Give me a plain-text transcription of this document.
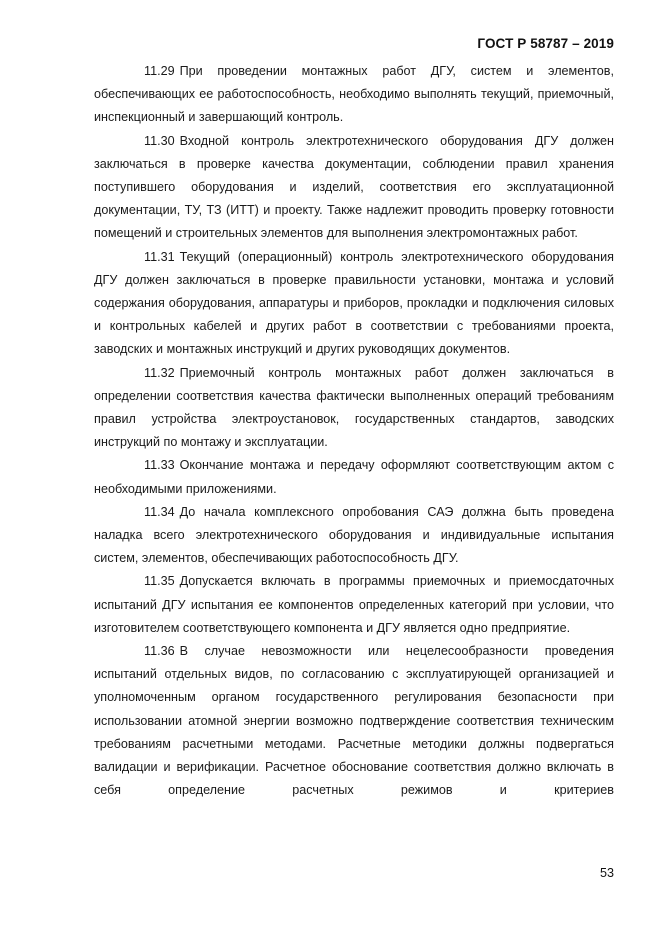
ГОСТ Р 58787 – 2019

11.29 При проведении монтажных работ ДГУ, систем и элементов, обеспечивающих ее работоспособность, необходимо выполнять текущий, приемочный, инспекционный и завершающий контроль.

11.30 Входной контроль электротехнического оборудования ДГУ должен заключаться в проверке качества документации, соблюдении правил хранения поступившего оборудования и изделий, соответствия его эксплуатационной документации, ТУ, ТЗ (ИТТ) и проекту. Также надлежит проводить проверку готовности помещений и строительных элементов для выполнения электромонтажных работ.

11.31 Текущий (операционный) контроль электротехнического оборудования ДГУ должен заключаться в проверке правильности установки, монтажа и условий содержания оборудования, аппаратуры и приборов, прокладки и подключения силовых и контрольных кабелей и других работ в соответствии с требованиями проекта, заводских и монтажных инструкций и других руководящих документов.

11.32 Приемочный контроль монтажных работ должен заключаться в определении соответствия качества фактически выполненных операций требованиям правил устройства электроустановок, государственных стандартов, заводских инструкций по монтажу и эксплуатации.

11.33 Окончание монтажа и передачу оформляют соответствующим актом с необходимыми приложениями.

11.34 До начала комплексного опробования САЭ должна быть проведена наладка всего электротехнического оборудования и индивидуальные испытания систем, элементов, обеспечивающих работоспособность ДГУ.

11.35 Допускается включать в программы приемочных и приемосдаточных испытаний ДГУ испытания ее компонентов определенных категорий при условии, что изготовителем соответствующего компонента и ДГУ является одно предприятие.

11.36 В случае невозможности или нецелесообразности проведения испытаний отдельных видов, по согласованию с эксплуатирующей организацией и уполномоченным органом государственного регулирования безопасности при использовании атомной энергии возможно подтверждение соответствия техническим требованиям расчетными методами. Расчетные методики должны подвергаться валидации и верификации. Расчетное обоснование соответствия должно включать в себя определение расчетных режимов и критериев

53
